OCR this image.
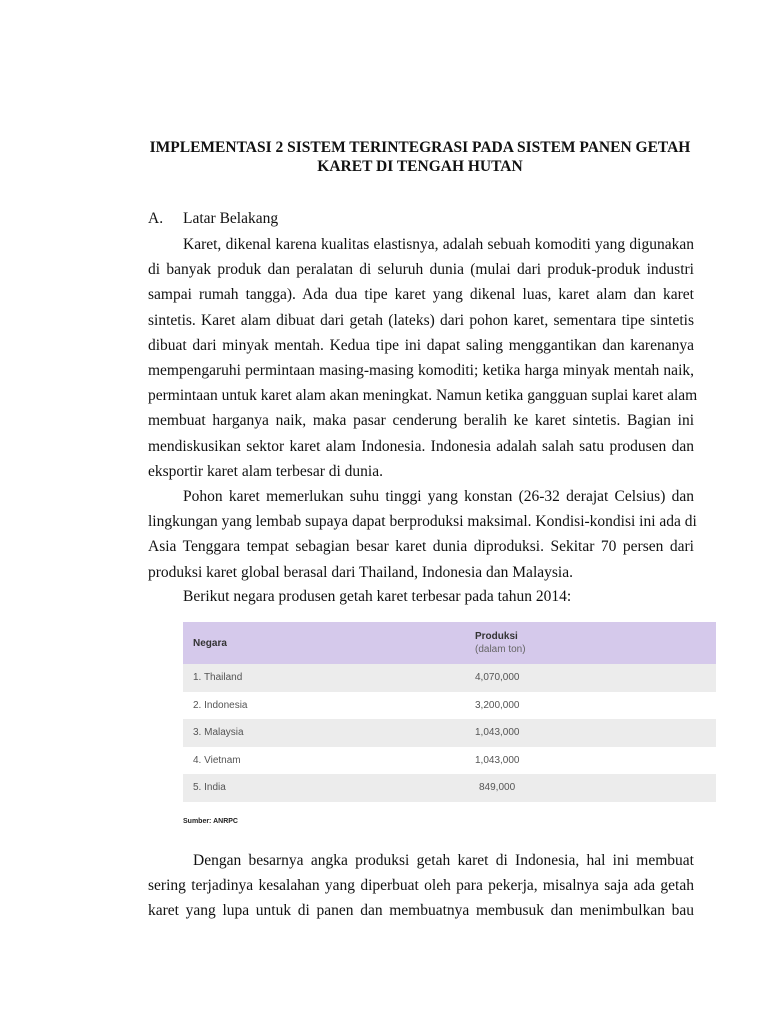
IMPLEMENTASI 2 SISTEM TERINTEGRASI PADA SISTEM PANEN GETAH
KARET DI TENGAH HUTAN
A. Latar Belakang
Karet, dikenal karena kualitas elastisnya, adalah sebuah komoditi yang digunakan
di banyak produk dan peralatan di seluruh dunia (mulai dari produk-produk industri
sampai rumah tangga). Ada dua tipe karet yang dikenal luas, karet alam dan karet
sintetis. Karet alam dibuat dari getah (lateks) dari pohon karet, sementara tipe sintetis
dibuat dari minyak mentah. Kedua tipe ini dapat saling menggantikan dan karenanya
mempengaruhi permintaan masing-masing komoditi; ketika harga minyak mentah naik,
permintaan untuk karet alam akan meningkat. Namun ketika gangguan suplai karet alam
membuat harganya naik, maka pasar cenderung beralih ke karet sintetis. Bagian ini
mendiskusikan sektor karet alam Indonesia. Indonesia adalah salah satu produsen dan
eksportir karet alam terbesar di dunia.
Pohon karet memerlukan suhu tinggi yang konstan (26-32 derajat Celsius) dan
lingkungan yang lembab supaya dapat berproduksi maksimal. Kondisi-kondisi ini ada di
Asia Tenggara tempat sebagian besar karet dunia diproduksi. Sekitar 70 persen dari
produksi karet global berasal dari Thailand, Indonesia dan Malaysia.
Berikut negara produsen getah karet terbesar pada tahun 2014:
Negara	Produksi
(dalam ton)

1. Thailand	4,070,000
2. Indonesia	3,200,000
3. Malaysia	1,043,000
4. Vietnam	1,043,000
5. India	849,000
Sumber: ANRPC
Dengan besarnya angka produksi getah karet di Indonesia, hal ini membuat
sering terjadinya kesalahan yang diperbuat oleh para pekerja, misalnya saja ada getah
karet yang lupa untuk di panen dan membuatnya membusuk dan menimbulkan bau
